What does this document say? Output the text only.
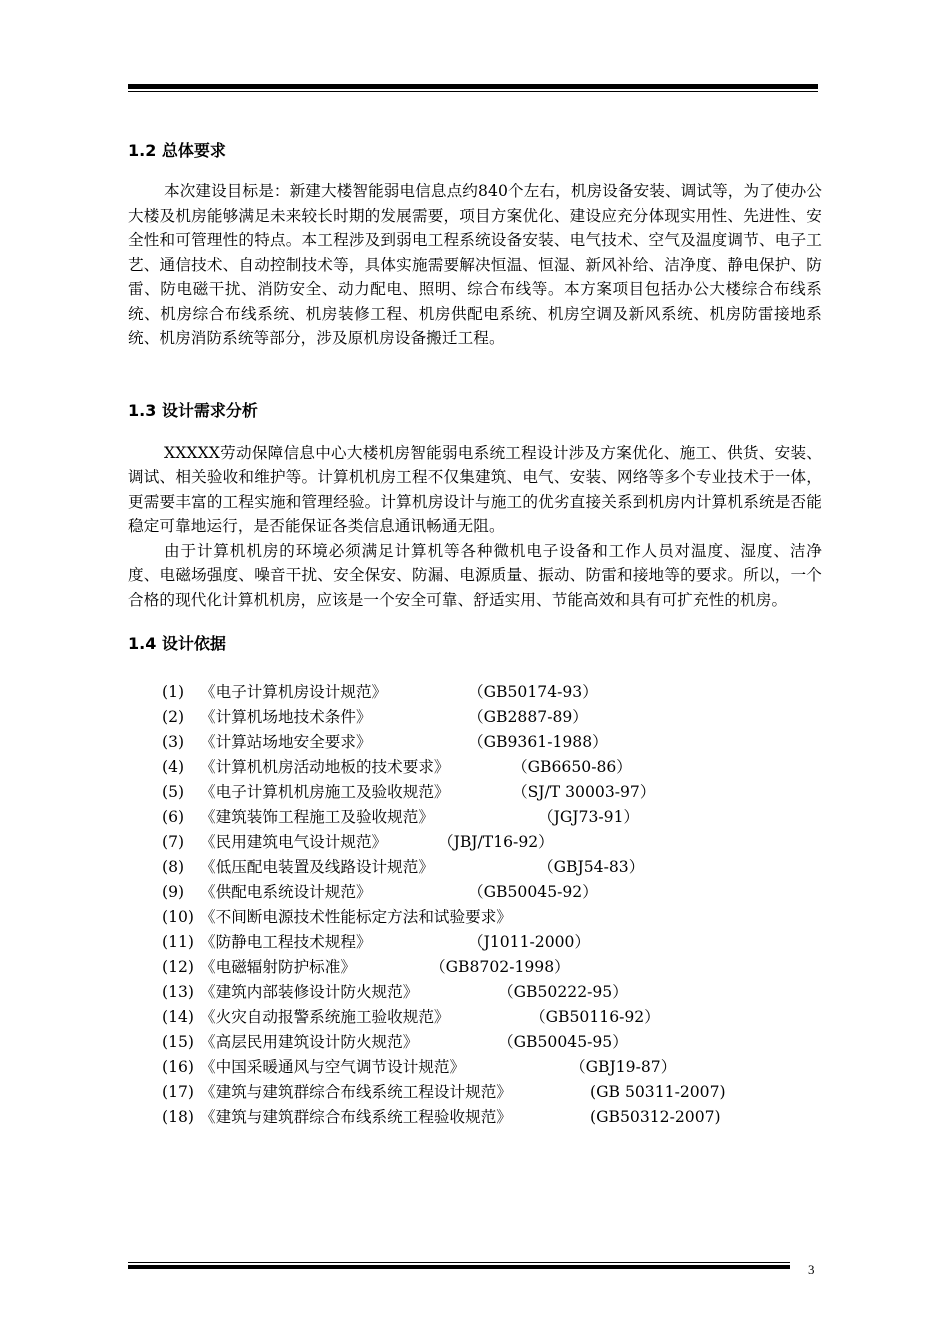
1.2 总体要求

本次建设目标是：新建大楼智能弱电信息点约840个左右，机房设备安装、调试等，为了使办公大楼及机房能够满足未来较长时期的发展需要，项目方案优化、建设应充分体现实用性、先进性、安全性和可管理性的特点。本工程涉及到弱电工程系统设备安装、电气技术、空气及温度调节、电子工艺、通信技术、自动控制技术等，具体实施需要解决恒温、恒湿、新风补给、洁净度、静电保护、防雷、防电磁干扰、消防安全、动力配电、照明、综合布线等。本方案项目包括办公大楼综合布线系统、机房综合布线系统、机房装修工程、机房供配电系统、机房空调及新风系统、机房防雷接地系统、机房消防系统等部分，涉及原机房设备搬迁工程。

1.3 设计需求分析

XXXXX劳动保障信息中心大楼机房智能弱电系统工程设计涉及方案优化、施工、供货、安装、调试、相关验收和维护等。计算机机房工程不仅集建筑、电气、安装、网络等多个专业技术于一体，更需要丰富的工程实施和管理经验。计算机房设计与施工的优劣直接关系到机房内计算机系统是否能稳定可靠地运行，是否能保证各类信息通讯畅通无阻。

由于计算机机房的环境必须满足计算机等各种微机电子设备和工作人员对温度、湿度、洁净度、电磁场强度、噪音干扰、安全保安、防漏、电源质量、振动、防雷和接地等的要求。所以，一个合格的现代化计算机机房，应该是一个安全可靠、舒适实用、节能高效和具有可扩充性的机房。

1.4 设计依据
(1) 《电子计算机房设计规范》	（GB50174-93）
(2) 《计算机场地技术条件》	（GB2887-89）
(3) 《计算站场地安全要求》	（GB9361-1988）
(4) 《计算机机房活动地板的技术要求》	（GB6650-86）
(5) 《电子计算机机房施工及验收规范》	（SJ/T 30003-97）
(6) 《建筑装饰工程施工及验收规范》	（JGJ73-91）
(7) 《民用建筑电气设计规范》	（JBJ/T16-92）
(8) 《低压配电装置及线路设计规范》	（GBJ54-83）
(9) 《供配电系统设计规范》	（GB50045-92）
(10) 《不间断电源技术性能标定方法和试验要求》
(11) 《防静电工程技术规程》	（J1011-2000）
(12) 《电磁辐射防护标准》	（GB8702-1998）
(13) 《建筑内部装修设计防火规范》	（GB50222-95）
(14) 《火灾自动报警系统施工验收规范》	（GB50116-92）
(15) 《高层民用建筑设计防火规范》	（GB50045-95）
(16) 《中国采暖通风与空气调节设计规范》	（GBJ19-87）
(17) 《建筑与建筑群综合布线系统工程设计规范》	(GB 50311-2007)
(18) 《建筑与建筑群综合布线系统工程验收规范》	(GB50312-2007)
3
